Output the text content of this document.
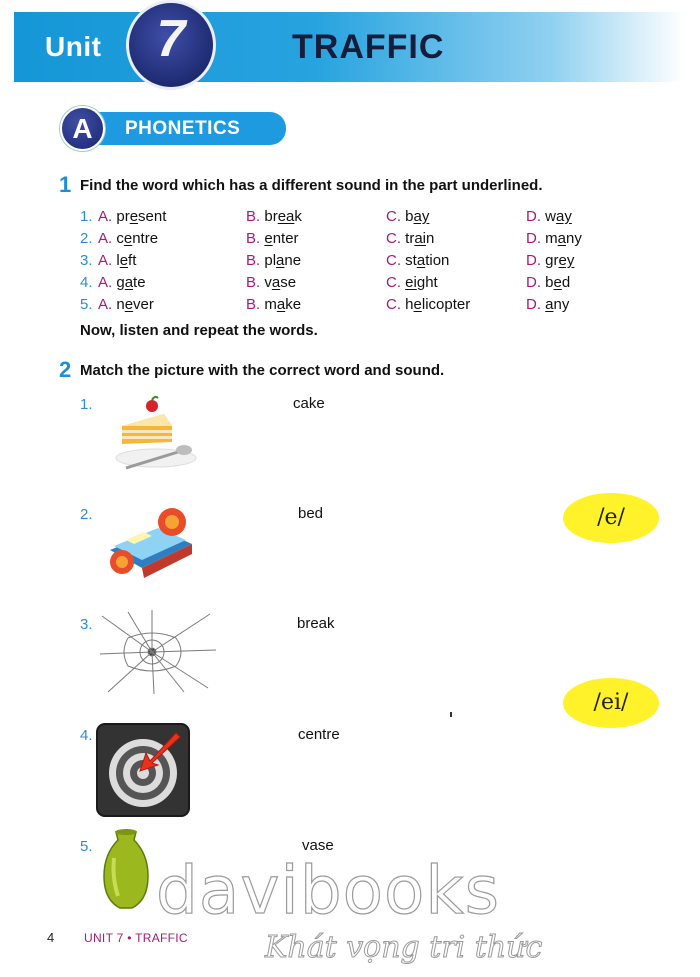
Unit	7	TRAFFIC
PHONETICS
A
1 Find the word which has a different sound in the part underlined.
1. A. present	B. break	C. bay	D. way
2. A. centre	B. enter	C. train	D. many
3. A. left	B. plane	C. station	D. grey
4. A. gate	B. vase	C. eight	D. bed
5. A. never	B. make	C. helicopter	D. any
Now, listen and repeat the words.
2 Match the picture with the correct word and sound.
1.
2.
3.
4.
5.
cake
bed
break
centre
vase
/e/
/ei/
davibooks
Khát vọng tri thức
4 UNIT 7 • TRAFFIC
